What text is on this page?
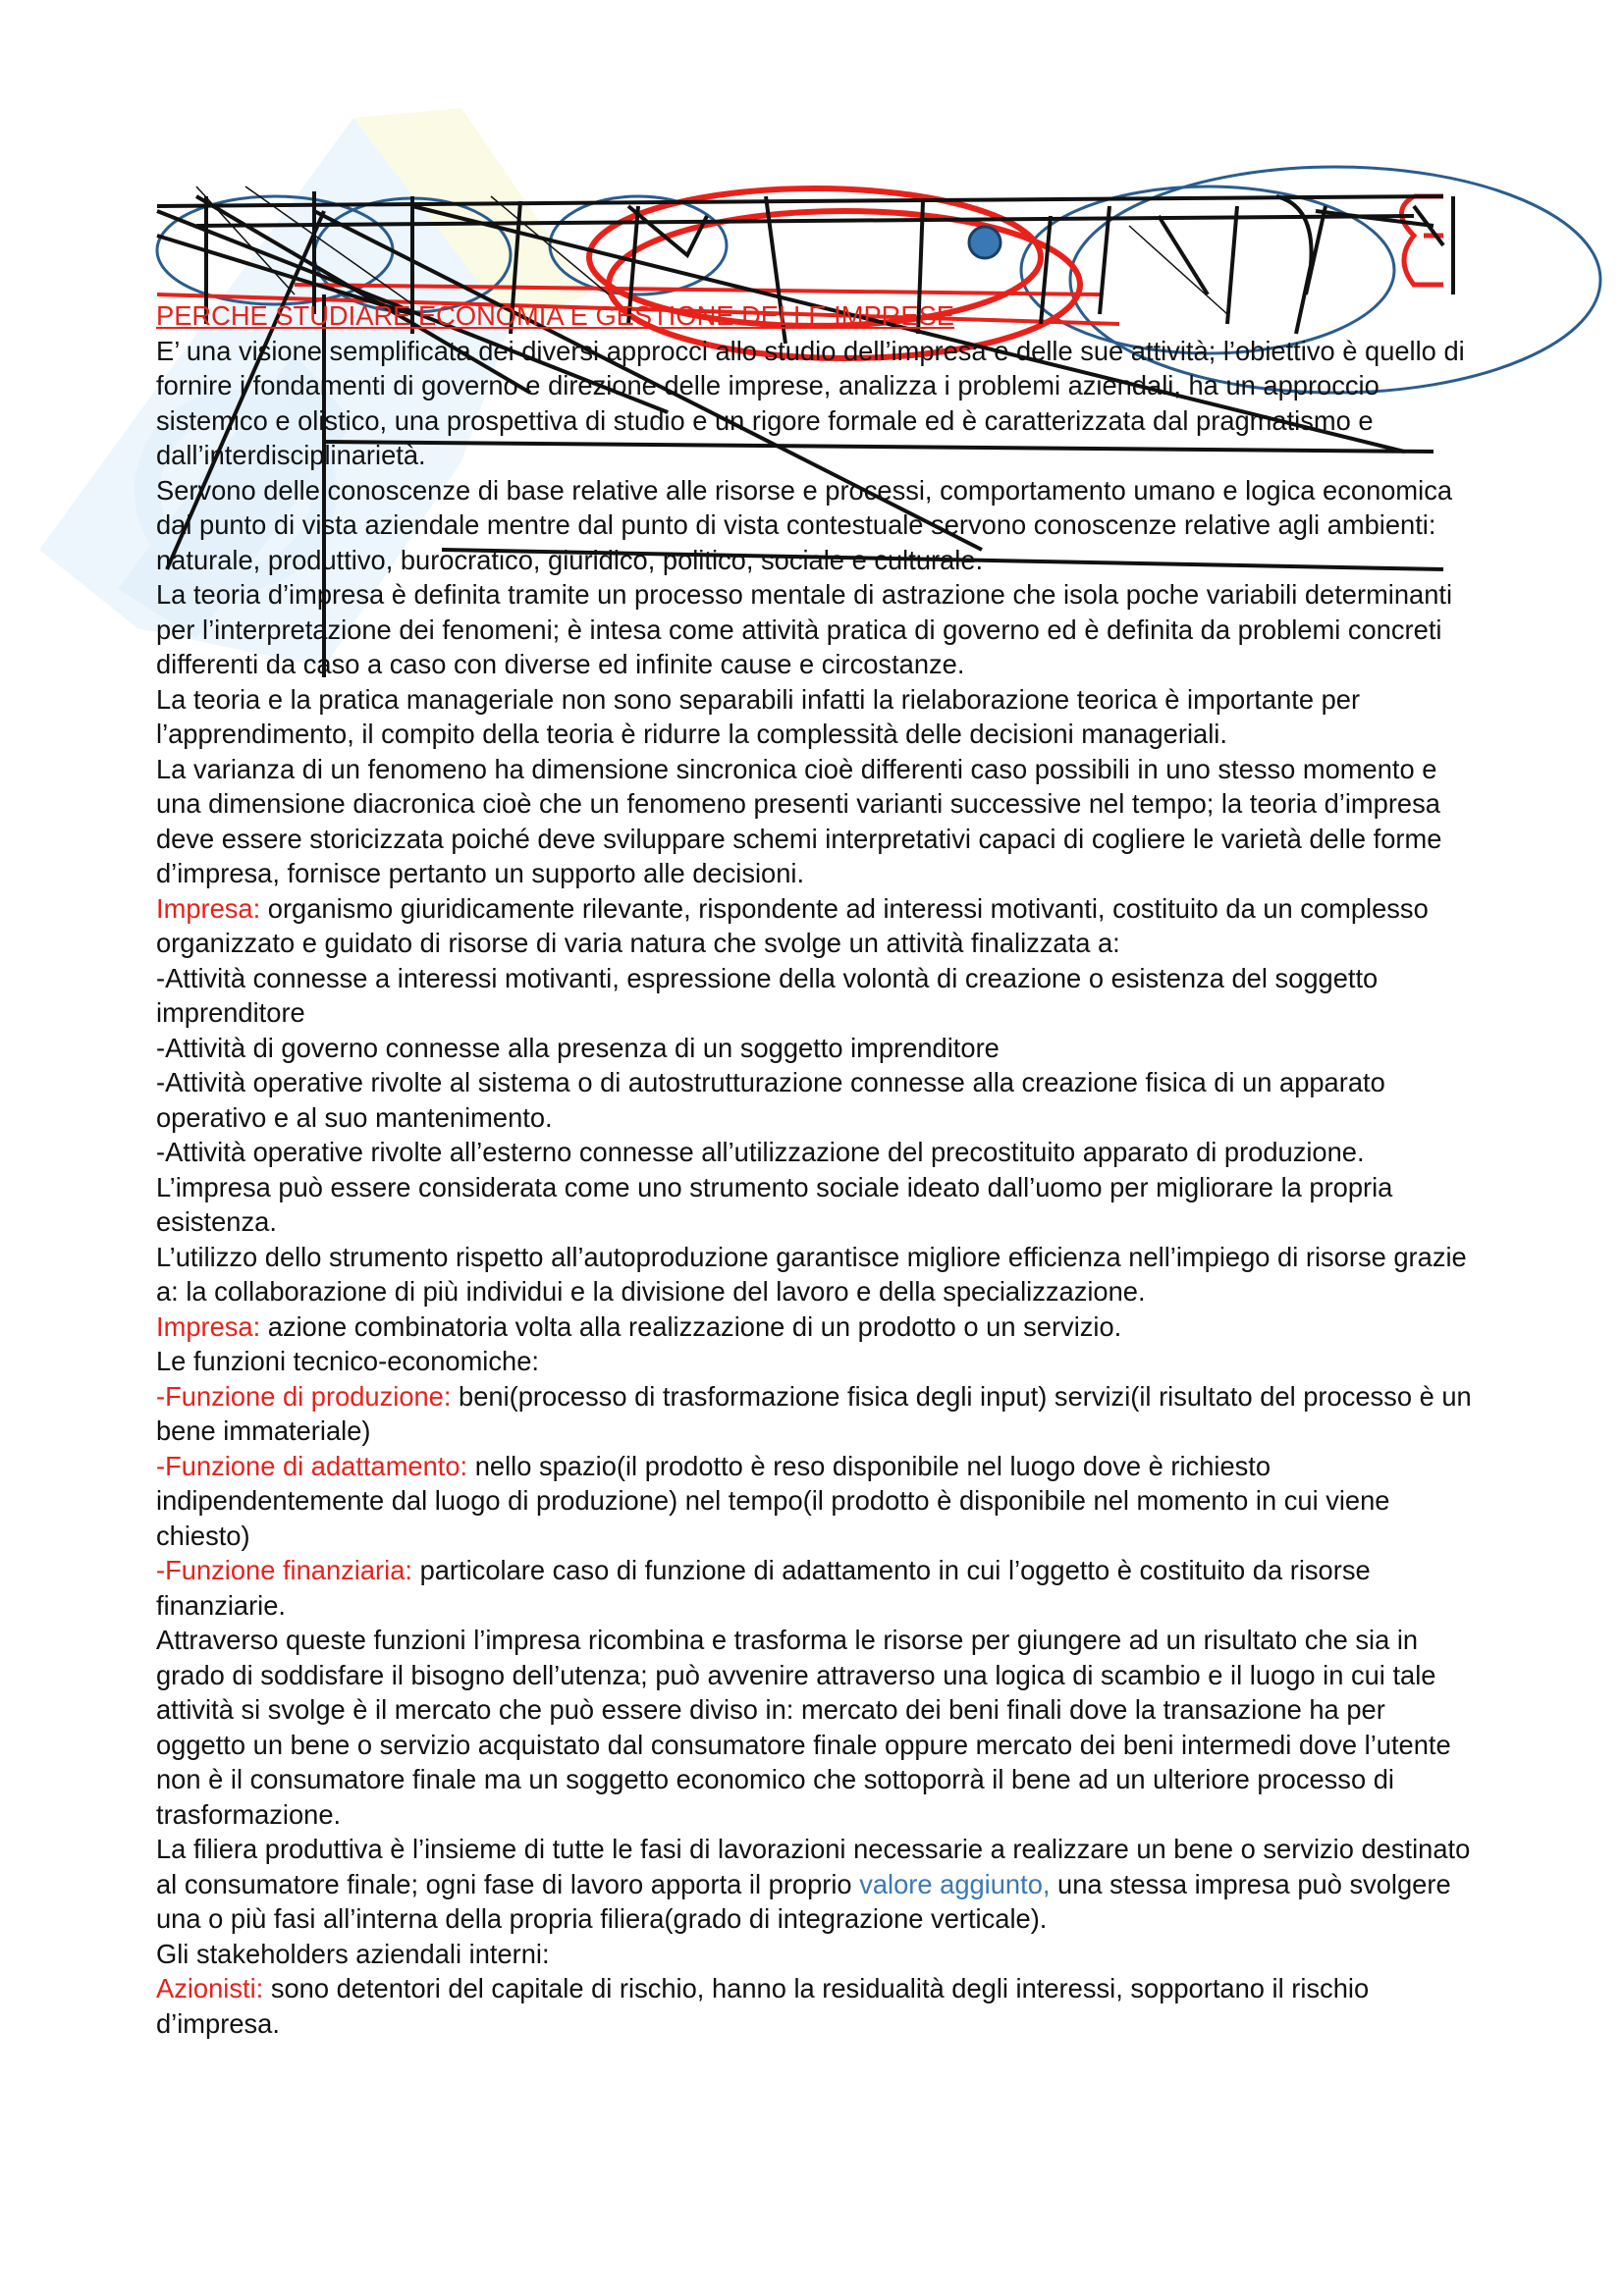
PERCHE STUDIARE ECONOMIA E GESTIONE DELLE IMPRESE

E’ una visione semplificata dei diversi approcci allo studio dell’impresa e delle sue attività; l’obiettivo è quello di fornire i fondamenti di governo e direzione delle imprese, analizza i problemi aziendali, ha un approccio sistemico e olistico, una prospettiva di studio e un rigore formale ed è caratterizzata dal pragmatismo e dall’interdisciplinarietà.

Servono delle conoscenze di base relative alle risorse e processi, comportamento umano e logica economica dal punto di vista aziendale mentre dal punto di vista contestuale servono conoscenze relative agli ambienti: naturale, produttivo, burocratico, giuridico, politico, sociale e culturale.

La teoria d’impresa è definita tramite un processo mentale di astrazione che isola poche variabili determinanti per l’interpretazione dei fenomeni; è intesa come attività pratica di governo ed è definita da problemi concreti differenti da caso a caso con diverse ed infinite cause e circostanze.

La teoria e la pratica manageriale non sono separabili infatti la rielaborazione teorica è importante per l’apprendimento, il compito della teoria è ridurre la complessità delle decisioni manageriali.

La varianza di un fenomeno ha dimensione sincronica cioè differenti caso possibili in uno stesso momento e una dimensione diacronica cioè che un fenomeno presenti varianti successive nel tempo; la teoria d’impresa deve essere storicizzata poiché deve sviluppare schemi interpretativi capaci di cogliere le varietà delle forme d’impresa, fornisce pertanto un supporto alle decisioni.

Impresa: organismo giuridicamente rilevante, rispondente ad interessi motivanti, costituito da un complesso organizzato e guidato di risorse di varia natura che svolge un attività finalizzata a:

-Attività connesse a interessi motivanti, espressione della volontà di creazione o esistenza del soggetto imprenditore

-Attività di governo connesse alla presenza di un soggetto imprenditore

-Attività operative rivolte al sistema o di autostrutturazione connesse alla creazione fisica di un apparato operativo e al suo mantenimento.

-Attività operative rivolte all’esterno connesse all’utilizzazione del precostituito apparato di produzione.

L’impresa può essere considerata come uno strumento sociale ideato dall’uomo per migliorare la propria esistenza.

L’utilizzo dello strumento rispetto all’autoproduzione garantisce migliore efficienza nell’impiego di risorse grazie a: la collaborazione di più individui e la divisione del lavoro e della specializzazione.

Impresa: azione combinatoria volta alla realizzazione di un prodotto o un servizio.

Le funzioni tecnico-economiche:

-Funzione di produzione: beni(processo di trasformazione fisica degli input) servizi(il risultato del processo è un bene immateriale)

-Funzione di adattamento: nello spazio(il prodotto è reso disponibile nel luogo dove è richiesto indipendentemente dal luogo di produzione) nel tempo(il prodotto è disponibile nel momento in cui viene chiesto)

-Funzione finanziaria: particolare caso di funzione di adattamento in cui l’oggetto è costituito da risorse finanziarie.

Attraverso queste funzioni l’impresa ricombina e trasforma le risorse per giungere ad un risultato che sia in grado di soddisfare il bisogno dell’utenza; può avvenire attraverso una logica di scambio e il luogo in cui tale attività si svolge è il mercato che può essere diviso in: mercato dei beni finali dove la transazione ha per oggetto un bene o servizio acquistato dal consumatore finale oppure mercato dei beni intermedi dove l’utente non è il consumatore finale ma un soggetto economico che sottoporrà il bene ad un ulteriore processo di trasformazione.

La filiera produttiva è l’insieme di tutte le fasi di lavorazioni necessarie a realizzare un bene o servizio destinato al consumatore finale; ogni fase di lavoro apporta il proprio valore aggiunto, una stessa impresa può svolgere una o più fasi all’interna della propria filiera(grado di integrazione verticale).

Gli stakeholders aziendali interni:

Azionisti: sono detentori del capitale di rischio, hanno la residualità degli interessi, sopportano il rischio d’impresa.
